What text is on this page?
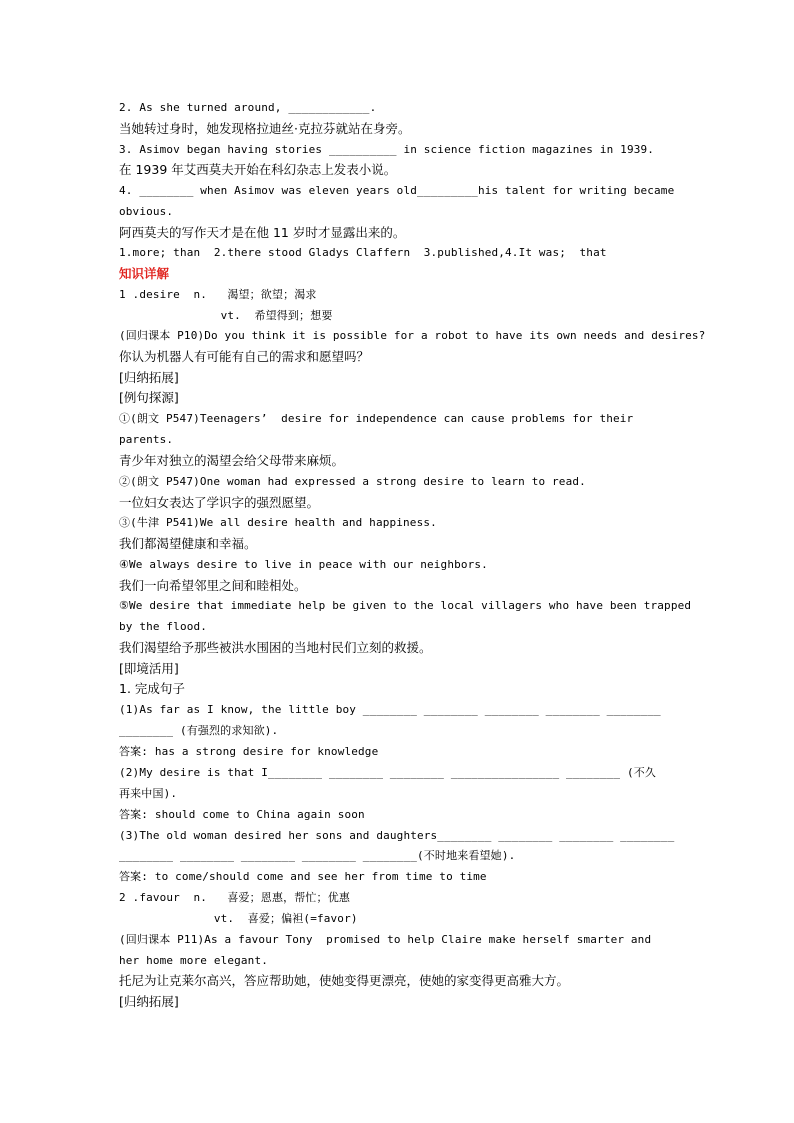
2. As she turned around, ____________.
当她转过身时，她发现格拉迪丝·克拉芬就站在身旁。
3. Asimov began having stories __________ in science fiction magazines in 1939.
在 1939 年艾西莫夫开始在科幻杂志上发表小说。
4. ________ when Asimov was eleven years old_________his talent for writing became
obvious.
阿西莫夫的写作天才是在他 11 岁时才显露出来的。
1.more; than  2.there stood Gladys Claffern  3.published,4.It was;  that
知识详解
1 .desire  n.   渴望；欲望；渴求
vt.  希望得到；想要
(回归课本 P10)Do you think it is possible for a robot to have its own needs and desires?
你认为机器人有可能有自己的需求和愿望吗？
[归纳拓展]
[例句探源]
①(朗文 P547)Teenagers’  desire for independence can cause problems for their
parents.
青少年对独立的渴望会给父母带来麻烦。
②(朗文 P547)One woman had expressed a strong desire to learn to read.
一位妇女表达了学识字的强烈愿望。
③(牛津 P541)We all desire health and happiness.
我们都渴望健康和幸福。
④We always desire to live in peace with our neighbors.
我们一向希望邻里之间和睦相处。
⑤We desire that immediate help be given to the local villagers who have been trapped
by the flood.
我们渴望给予那些被洪水围困的当地村民们立刻的救援。
[即境活用]
1. 完成句子
(1)As far as I know, the little boy ________ ________ ________ ________ ________
________ (有强烈的求知欲).
答案: has a strong desire for knowledge
(2)My desire is that I________ ________ ________ ________________ ________ (不久
再来中国).
答案: should come to China again soon
(3)The old woman desired her sons and daughters________ ________ ________ ________
________ ________ ________ ________ ________(不时地来看望她).
答案: to come/should come and see her from time to time
2 .favour  n.   喜爱；恩惠，帮忙；优惠
vt.  喜爱；偏袒(=favor)
(回归课本 P11)As a favour Tony  promised to help Claire make herself smarter and
her home more elegant.
托尼为让克莱尔高兴，答应帮助她，使她变得更漂亮，使她的家变得更高雅大方。
[归纳拓展]
